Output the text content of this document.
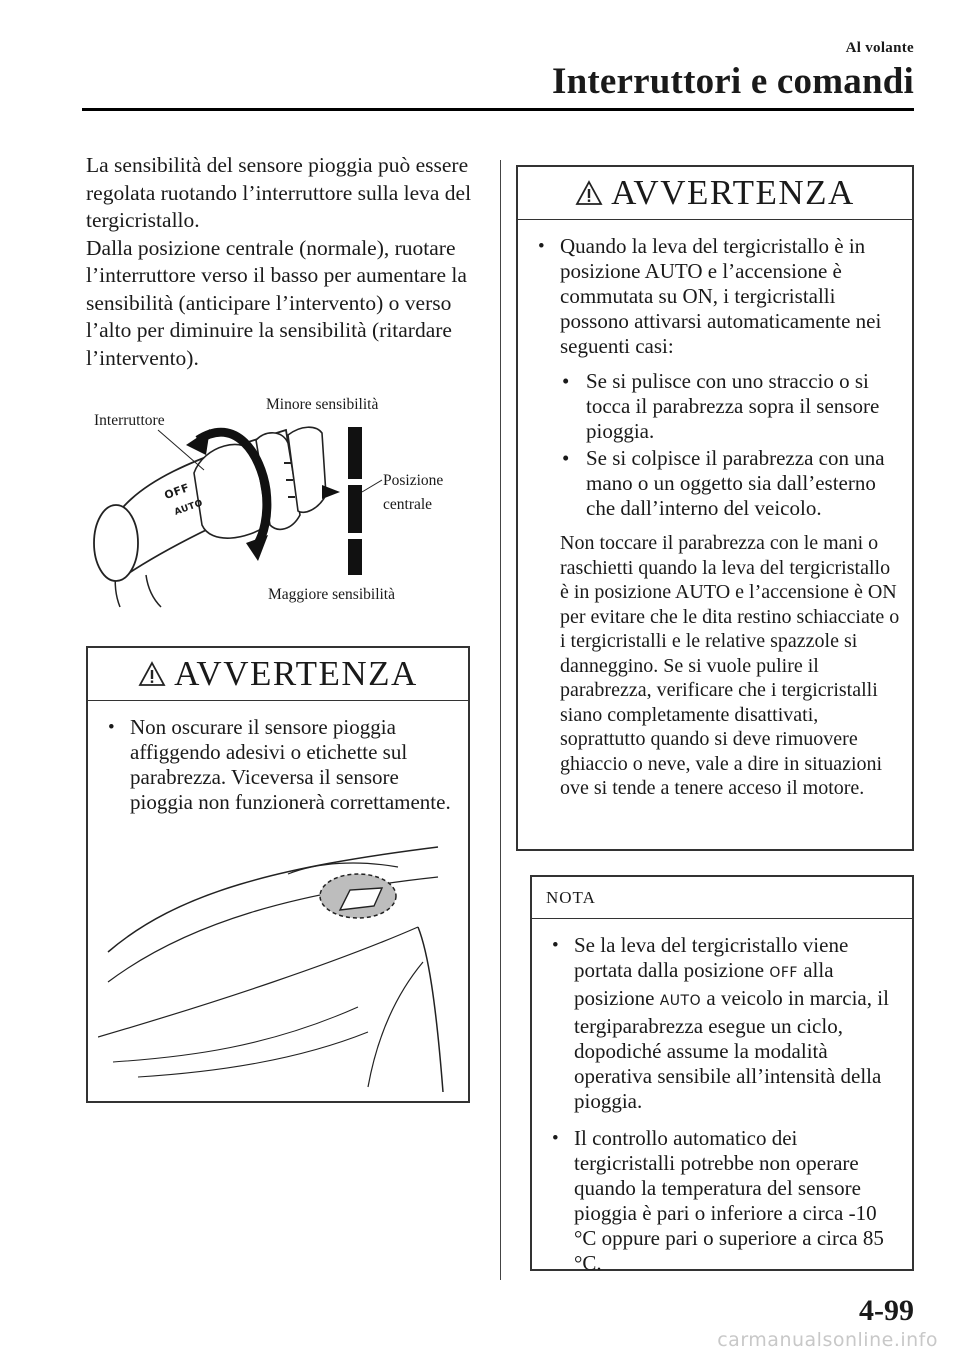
Al volante
Interruttori e comandi

La sensibilità del sensore pioggia può essere regolata ruotando l’interruttore sulla leva del tergicristallo.

Dalla posizione centrale (normale), ruotare l’interruttore verso il basso per aumentare la sensibilità (anticipare l’intervento) o verso l’alto per diminuire la sensibilità (ritardare l’intervento).

Interruttore
Minore sensibilità
Posizione
centrale
Maggiore sensibilità
OFF
AUTO
AVVERTENZA
• Non oscurare il sensore pioggia affiggendo adesivi o etichette sul parabrezza. Viceversa il sensore pioggia non funzionerà correttamente.
AVVERTENZA
• Quando la leva del tergicristallo è in posizione AUTO e l’accensione è commutata su ON, i tergicristalli possono attivarsi automaticamente nei seguenti casi:
• Se si pulisce con uno straccio o si tocca il parabrezza sopra il sensore pioggia.
• Se si colpisce il parabrezza con una mano o un oggetto sia dall’esterno che dall’interno del veicolo.
Non toccare il parabrezza con le mani o raschietti quando la leva del tergicristallo è in posizione AUTO e l’accensione è ON per evitare che le dita restino schiacciate o i tergicristalli e le relative spazzole si danneggino. Se si vuole pulire il parabrezza, verificare che i tergicristalli siano completamente disattivati, soprattutto quando si deve rimuovere ghiaccio o neve, vale a dire in situazioni ove si tende a tenere acceso il motore.
NOTA
• Se la leva del tergicristallo viene portata dalla posizione OFF alla posizione AUTO a veicolo in marcia, il tergiparabrezza esegue un ciclo, dopodiché assume la modalità operativa sensibile all’intensità della pioggia.
• Il controllo automatico dei tergicristalli potrebbe non operare quando la temperatura del sensore pioggia è pari o inferiore a circa -10 °C oppure pari o superiore a circa 85 °C.
4-99
carmanualsonline.info
